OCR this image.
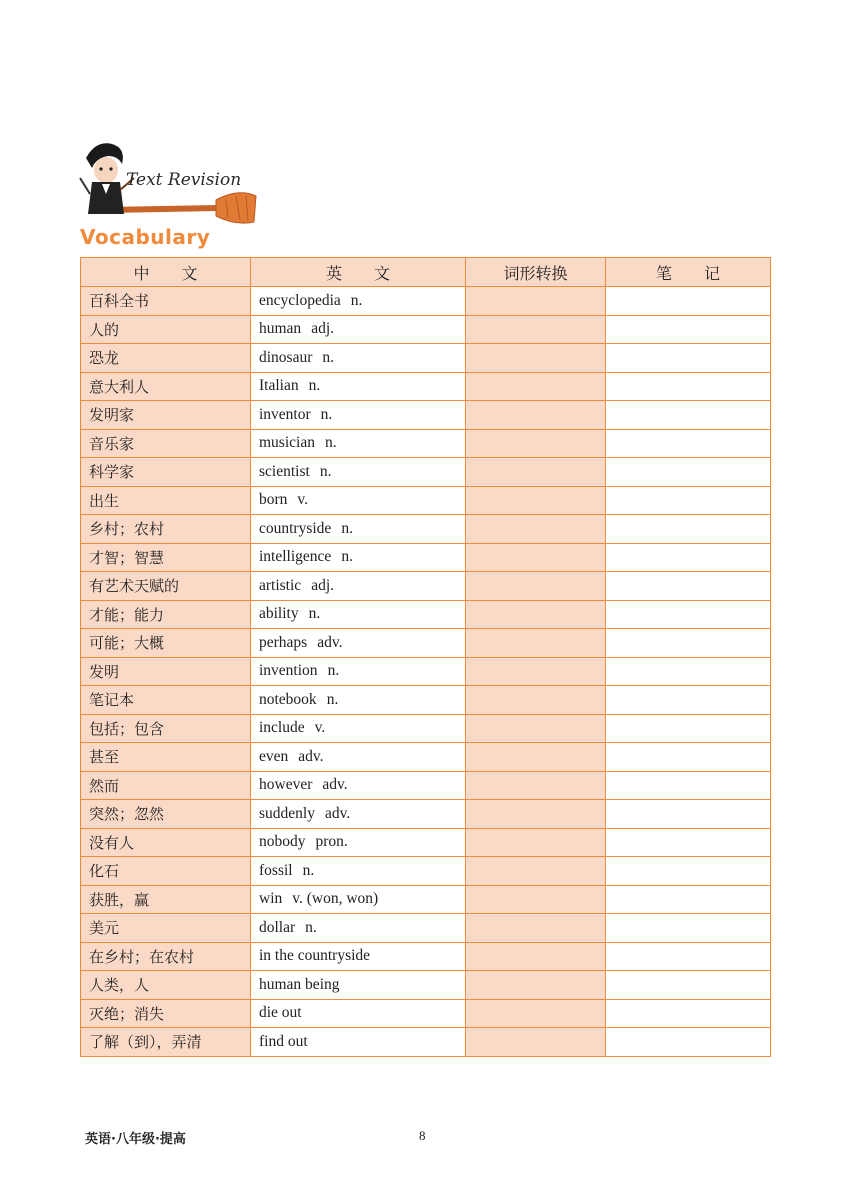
Text Revision
Vocabulary
中　　文	英　　文	词形转换	笔　　记
百科全书	encyclopedia n.		
人的	human adj.		
恐龙	dinosaur n.		
意大利人	Italian n.		
发明家	inventor n.		
音乐家	musician n.		
科学家	scientist n.		
出生	born v.		
乡村；农村	countryside n.		
才智；智慧	intelligence n.		
有艺术天赋的	artistic adj.		
才能；能力	ability n.		
可能；大概	perhaps adv.		
发明	invention n.		
笔记本	notebook n.		
包括；包含	include v.		
甚至	even adv.		
然而	however adv.		
突然；忽然	suddenly adv.		
没有人	nobody pron.		
化石	fossil n.		
获胜，赢	win v. (won, won)		
美元	dollar n.		
在乡村；在农村	in the countryside		
人类，人	human being		
灭绝；消失	die out		
了解（到），弄清	find out		
英语·八年级·提高	8
